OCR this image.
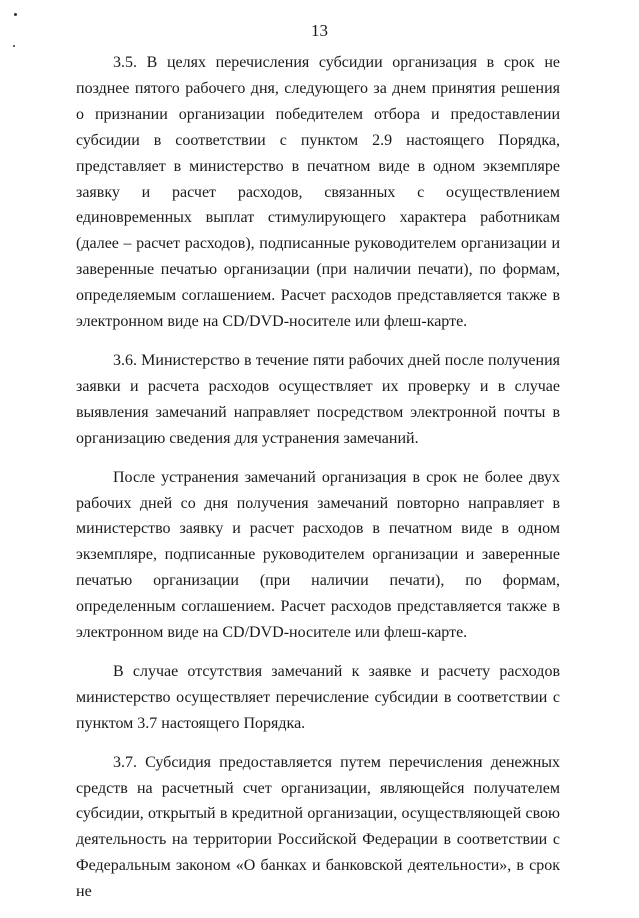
13

3.5. В целях перечисления субсидии организация в срок не позднее пятого рабочего дня, следующего за днем принятия решения о признании организации победителем отбора и предоставлении субсидии в соответствии с пунктом 2.9 настоящего Порядка, представляет в министерство в печатном виде в одном экземпляре заявку и расчет расходов, связанных с осуществлением единовременных выплат стимулирующего характера работникам (далее – расчет расходов), подписанные руководителем организации и заверенные печатью организации (при наличии печати), по формам, определяемым соглашением. Расчет расходов представляется также в электронном виде на CD/DVD-носителе или флеш-карте.

3.6. Министерство в течение пяти рабочих дней после получения заявки и расчета расходов осуществляет их проверку и в случае выявления замечаний направляет посредством электронной почты в организацию сведения для устранения замечаний.

После устранения замечаний организация в срок не более двух рабочих дней со дня получения замечаний повторно направляет в министерство заявку и расчет расходов в печатном виде в одном экземпляре, подписанные руководителем организации и заверенные печатью организации (при наличии печати), по формам, определенным соглашением. Расчет расходов представляется также в электронном виде на CD/DVD-носителе или флеш-карте.

В случае отсутствия замечаний к заявке и расчету расходов министерство осуществляет перечисление субсидии в соответствии с пунктом 3.7 настоящего Порядка.

3.7. Субсидия предоставляется путем перечисления денежных средств на расчетный счет организации, являющейся получателем субсидии, открытый в кредитной организации, осуществляющей свою деятельность на территории Российской Федерации в соответствии с Федеральным законом «О банках и банковской деятельности», в срок не
